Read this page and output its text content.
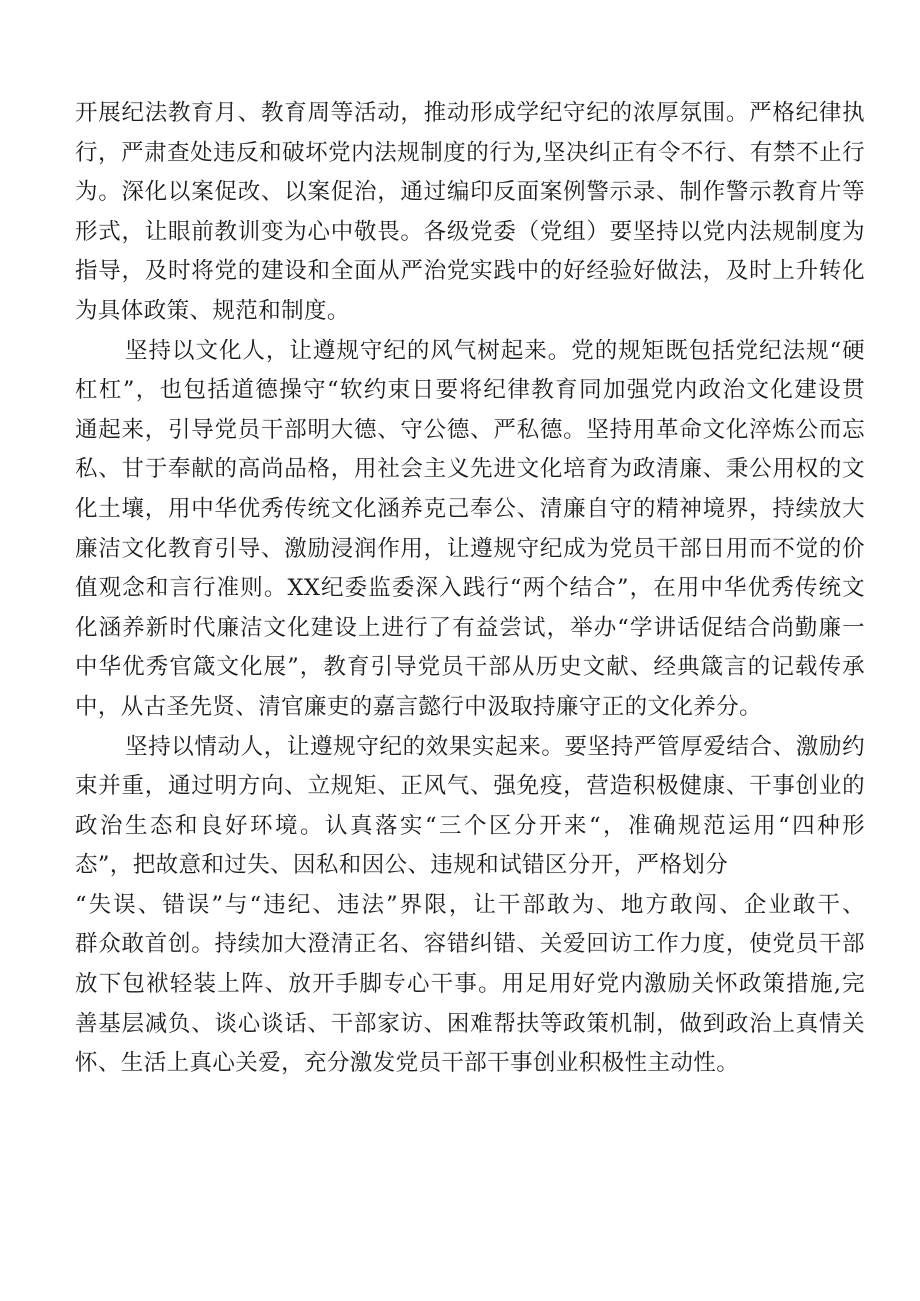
开展纪法教育月、教育周等活动，推动形成学纪守纪的浓厚氛围。严格纪律执
行，严肃查处违反和破坏党内法规制度的行为,坚决纠正有令不行、有禁不止行
为。深化以案促改、以案促治，通过编印反面案例警示录、制作警示教育片等
形式，让眼前教训变为心中敬畏。各级党委（党组）要坚持以党内法规制度为
指导，及时将党的建设和全面从严治党实践中的好经验好做法，及时上升转化
为具体政策、规范和制度。
坚持以文化人，让遵规守纪的风气树起来。党的规矩既包括党纪法规“硬
杠杠”，也包括道德操守“软约束日要将纪律教育同加强党内政治文化建设贯
通起来，引导党员干部明大德、守公德、严私德。坚持用革命文化淬炼公而忘
私、甘于奉献的高尚品格，用社会主义先进文化培育为政清廉、秉公用权的文
化土壤，用中华优秀传统文化涵养克己奉公、清廉自守的精神境界，持续放大
廉洁文化教育引导、激励浸润作用，让遵规守纪成为党员干部日用而不觉的价
值观念和言行准则。XX纪委监委深入践行“两个结合”，在用中华优秀传统文
化涵养新时代廉洁文化建设上进行了有益尝试，举办“学讲话促结合尚勤廉一
中华优秀官箴文化展”，教育引导党员干部从历史文献、经典箴言的记载传承
中，从古圣先贤、清官廉吏的嘉言懿行中汲取持廉守正的文化养分。
坚持以情动人，让遵规守纪的效果实起来。要坚持严管厚爱结合、激励约
束并重，通过明方向、立规矩、正风气、强免疫，营造积极健康、干事创业的
政治生态和良好环境。认真落实“三个区分开来“，准确规范运用“四种形
态”，把故意和过失、因私和因公、违规和试错区分开，严格划分
“失误、错误”与“违纪、违法”界限，让干部敢为、地方敢闯、企业敢干、
群众敢首创。持续加大澄清正名、容错纠错、关爱回访工作力度，使党员干部
放下包袱轻装上阵、放开手脚专心干事。用足用好党内激励关怀政策措施,完
善基层减负、谈心谈话、干部家访、困难帮扶等政策机制，做到政治上真情关
怀、生活上真心关爱，充分激发党员干部干事创业积极性主动性。
